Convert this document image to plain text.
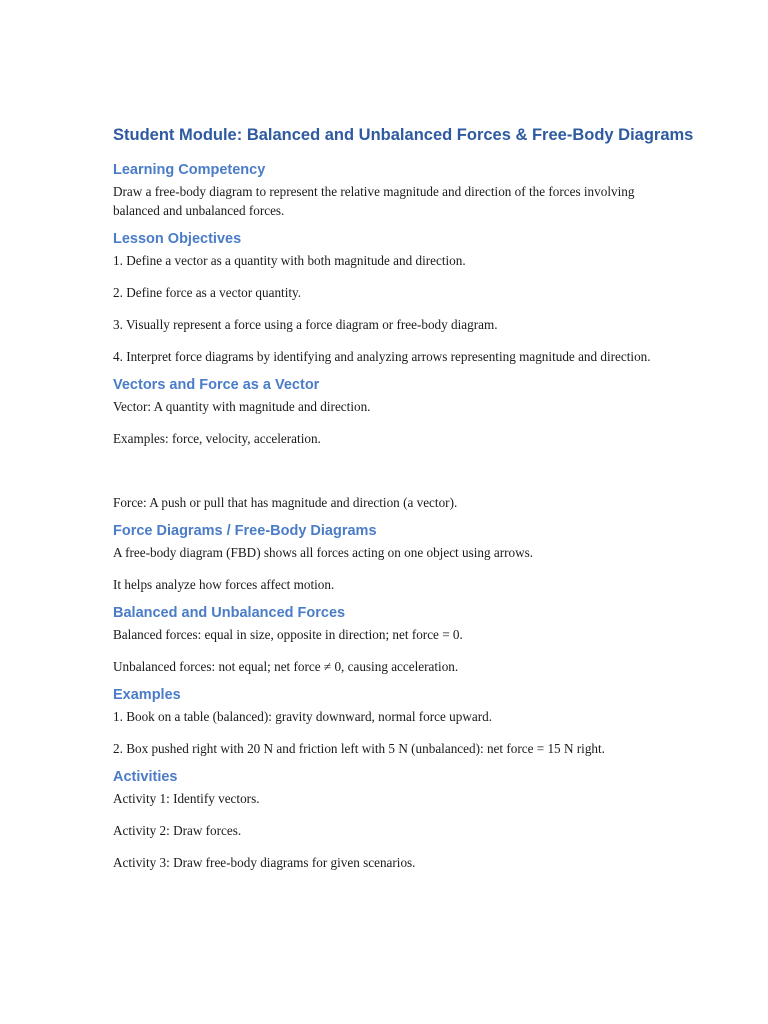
Student Module: Balanced and Unbalanced Forces & Free-Body Diagrams
Learning Competency

Draw a free-body diagram to represent the relative magnitude and direction of the forces involving balanced and unbalanced forces.

Lesson Objectives

1. Define a vector as a quantity with both magnitude and direction.

2. Define force as a vector quantity.

3. Visually represent a force using a force diagram or free-body diagram.

4. Interpret force diagrams by identifying and analyzing arrows representing magnitude and direction.

Vectors and Force as a Vector

Vector: A quantity with magnitude and direction.

Examples: force, velocity, acceleration.

Force: A push or pull that has magnitude and direction (a vector).

Force Diagrams / Free-Body Diagrams

A free-body diagram (FBD) shows all forces acting on one object using arrows.

It helps analyze how forces affect motion.

Balanced and Unbalanced Forces

Balanced forces: equal in size, opposite in direction; net force = 0.

Unbalanced forces: not equal; net force ≠ 0, causing acceleration.

Examples

1. Book on a table (balanced): gravity downward, normal force upward.

2. Box pushed right with 20 N and friction left with 5 N (unbalanced): net force = 15 N right.

Activities

Activity 1: Identify vectors.

Activity 2: Draw forces.

Activity 3: Draw free-body diagrams for given scenarios.
